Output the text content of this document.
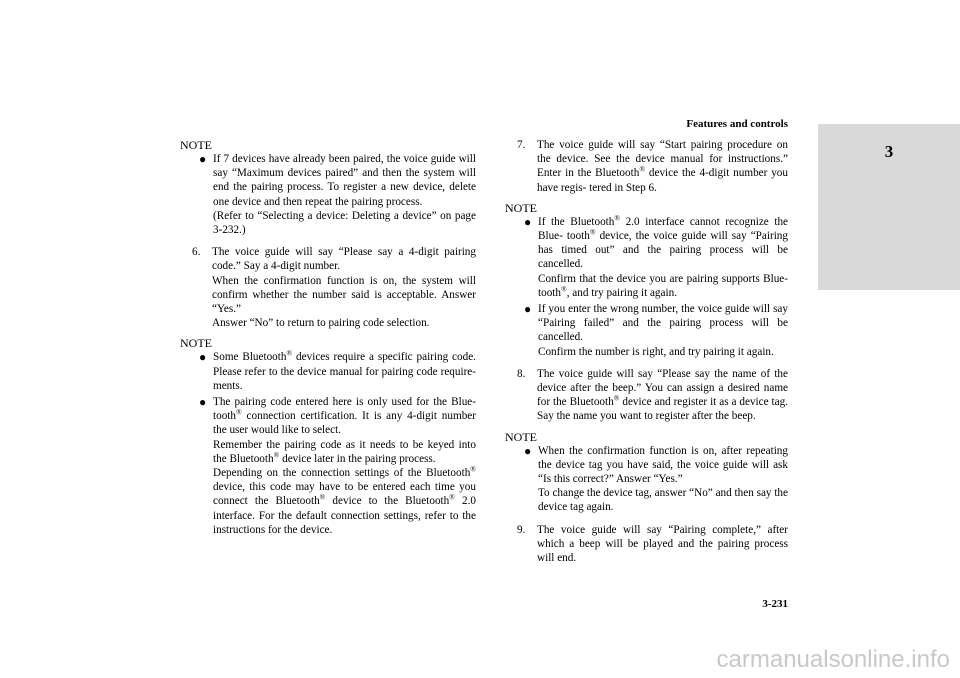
Features and controls
3
NOTE
● If 7 devices have already been paired, the voice guide will say “Maximum devices paired” and then the system will end the pairing process. To register a new device, delete one device and then repeat the pairing process.

(Refer to “Selecting a device: Deleting a device” on page 3-232.)

6. The voice guide will say “Please say a 4-digit pairing code.” Say a 4-digit number.

When the confirmation function is on, the system will confirm whether the number said is acceptable. Answer “Yes.”

Answer “No” to return to pairing code selection.

NOTE
● Some Bluetooth® devices require a specific pairing code. Please refer to the device manual for pairing code require- ments.

● The pairing code entered here is only used for the Blue- tooth® connection certification. It is any 4-digit number the user would like to select.

Remember the pairing code as it needs to be keyed into the Bluetooth® device later in the pairing process.

Depending on the connection settings of the Bluetooth® device, this code may have to be entered each time you connect the Bluetooth® device to the Bluetooth® 2.0 interface. For the default connection settings, refer to the instructions for the device.

7. The voice guide will say “Start pairing procedure on the device. See the device manual for instructions.” Enter in the Bluetooth® device the 4-digit number you have regis- tered in Step 6.

NOTE
● If the Bluetooth® 2.0 interface cannot recognize the Blue- tooth® device, the voice guide will say “Pairing has timed out” and the pairing process will be cancelled.

Confirm that the device you are pairing supports Blue- tooth®, and try pairing it again.

● If you enter the wrong number, the voice guide will say “Pairing failed” and the pairing process will be cancelled.

Confirm the number is right, and try pairing it again.

8. The voice guide will say “Please say the name of the device after the beep.” You can assign a desired name for the Bluetooth® device and register it as a device tag. Say the name you want to register after the beep.

NOTE
● When the confirmation function is on, after repeating the device tag you have said, the voice guide will ask “Is this correct?” Answer “Yes.”

To change the device tag, answer “No” and then say the device tag again.

9. The voice guide will say “Pairing complete,” after which a beep will be played and the pairing process will end.

3-231
carmanualsonline.info
